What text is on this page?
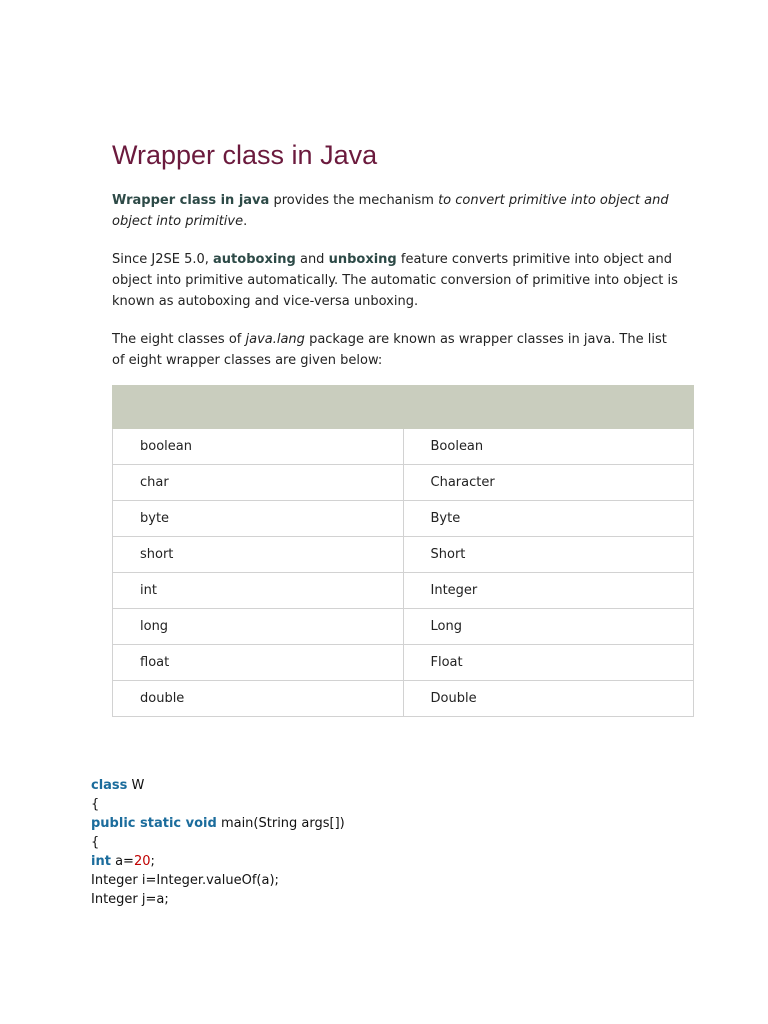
Wrapper class in Java

Wrapper class in java provides the mechanism to convert primitive into object and object into primitive.

Since J2SE 5.0, autoboxing and unboxing feature converts primitive into object and object into primitive automatically. The automatic conversion of primitive into object is known as autoboxing and vice-versa unboxing.

The eight classes of java.lang package are known as wrapper classes in java. The list of eight wrapper classes are given below:

boolean	Boolean
char	Character
byte	Byte
short	Short
int	Integer
long	Long
float	Float
double	Double
class W
{
public static void main(String args[])
{
int a=20;
Integer i=Integer.valueOf(a);
Integer j=a;
